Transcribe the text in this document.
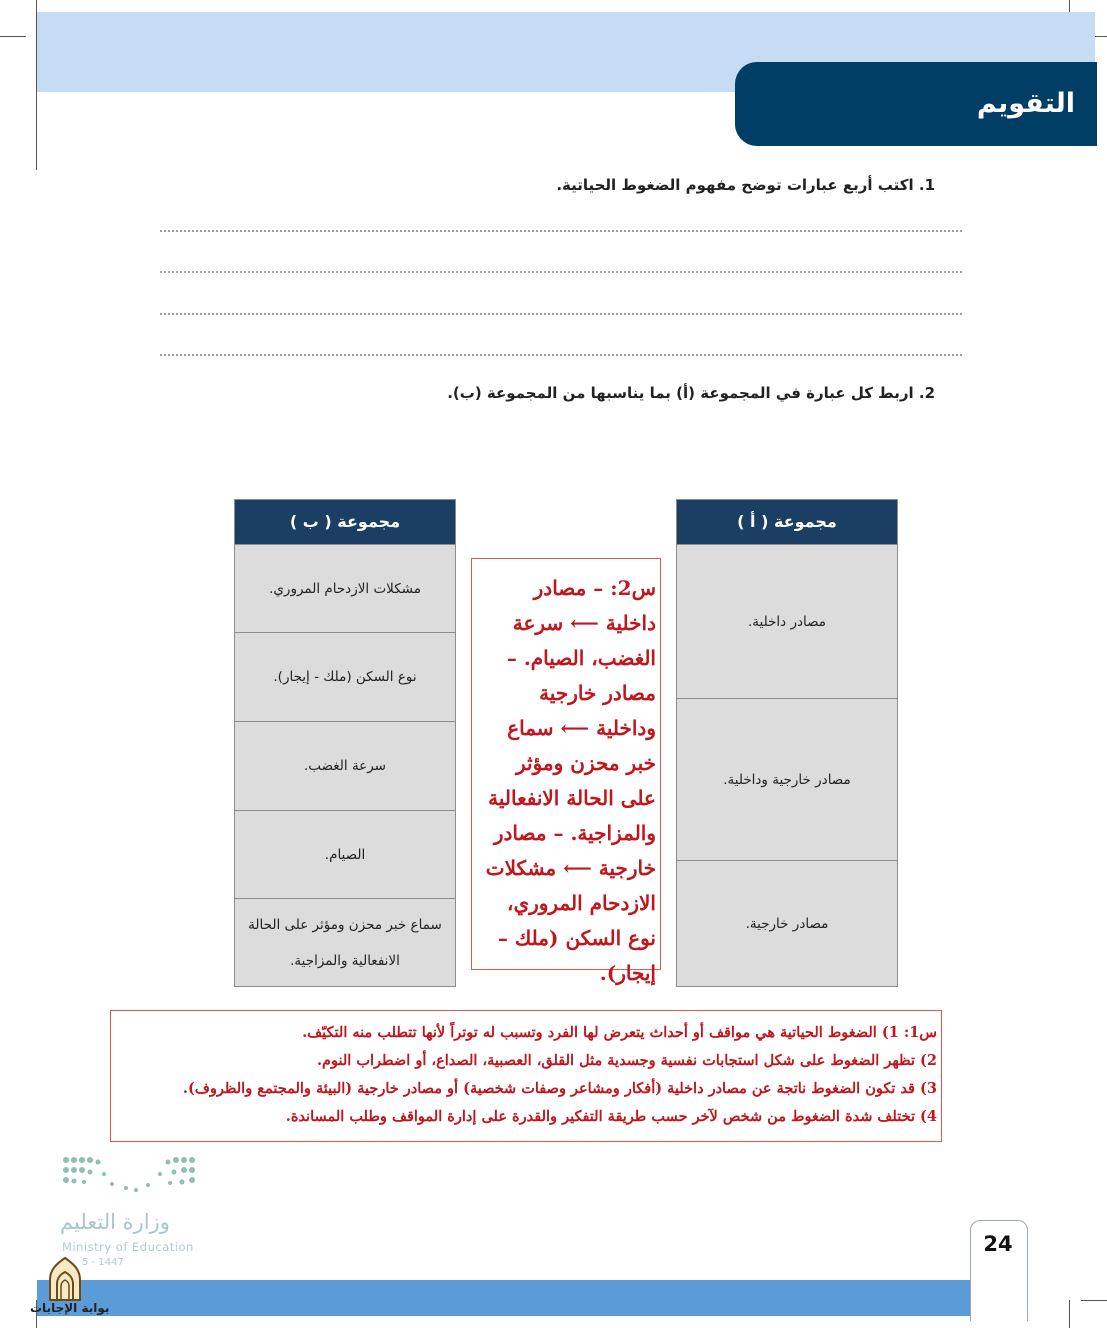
التقويم
1. اكتب أربع عبارات توضح مفهوم الضغوط الحياتية.
2. اربط كل عبارة في المجموعة (أ) بما يناسبها من المجموعة (ب).
مجموعة ( ب )
مشكلات الازدحام المروري.
نوع السكن (ملك - إيجار).
سرعة الغضب.
الصيام.
سماع خبر محزن ومؤثر على الحالة الانفعالية والمزاجية.
مجموعة ( أ )
مصادر داخلية.
مصادر خارجية وداخلية.
مصادر خارجية.
س2: – مصادر داخلية ⟵ سرعة الغضب، الصيام. – مصادر خارجية وداخلية ⟵ سماع خبر محزن ومؤثر على الحالة الانفعالية والمزاجية. – مصادر خارجية ⟵ مشكلات الازدحام المروري، نوع السكن (ملك – إيجار).
س1: 1) الضغوط الحياتية هي مواقف أو أحداث يتعرض لها الفرد وتسبب له توتراً لأنها تتطلب منه التكيّف.
2) تظهر الضغوط على شكل استجابات نفسية وجسدية مثل القلق، العصبية، الصداع، أو اضطراب النوم.
3) قد تكون الضغوط ناتجة عن مصادر داخلية (أفكار ومشاعر وصفات شخصية) أو مصادر خارجية (البيئة والمجتمع والظروف).
4) تختلف شدة الضغوط من شخص لآخر حسب طريقة التفكير والقدرة على إدارة المواقف وطلب المساندة.
وزارة التعليم
Ministry of Education
5 - 1447
24
بوابة الإجابات
